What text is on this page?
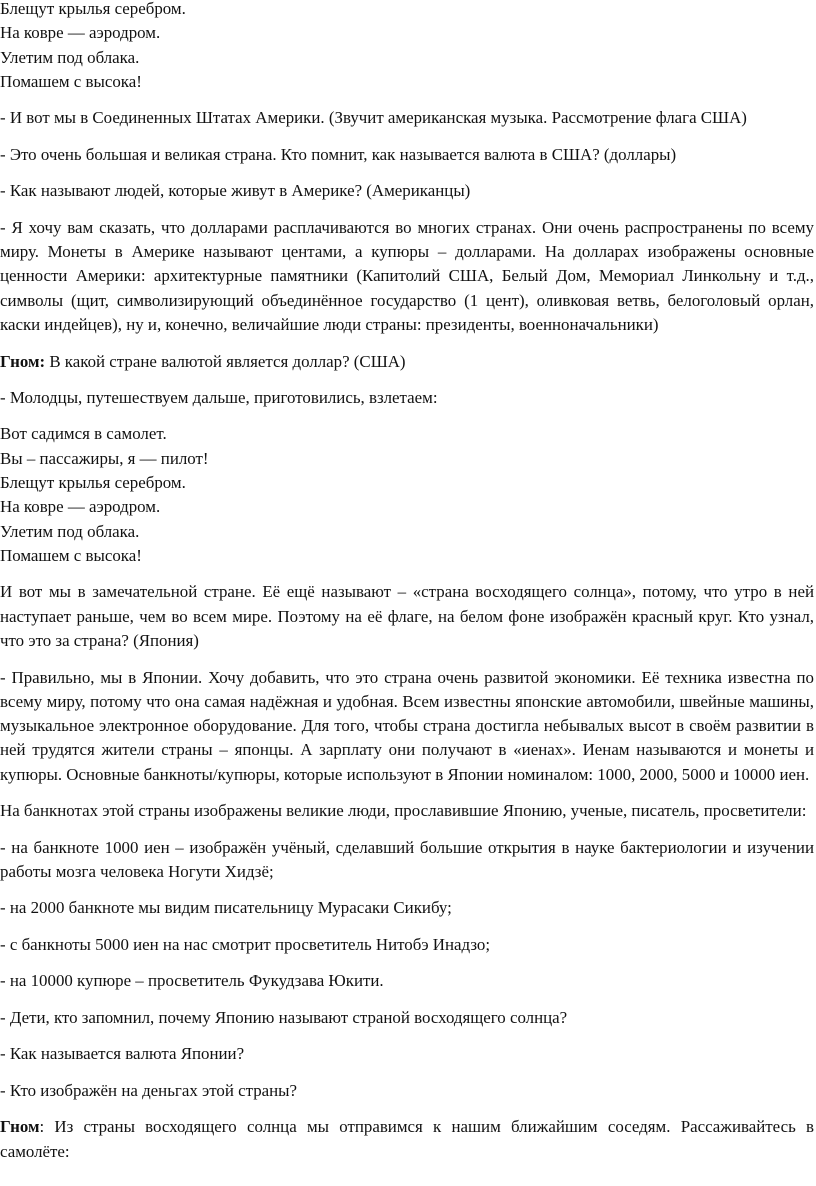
Блещут крылья серебром.
На ковре — аэродром.
Улетим под облака.
Помашем с высока!
- И вот мы в Соединенных Штатах Америки. (Звучит американская музыка. Рассмотрение флага США)
- Это очень большая и великая страна. Кто помнит, как называется валюта в США? (доллары)
- Как называют людей, которые живут в Америке? (Американцы)
- Я хочу вам сказать, что долларами расплачиваются во многих странах. Они очень распространены по всему миру. Монеты в Америке называют центами, а купюры – долларами. На долларах изображены основные ценности Америки: архитектурные памятники (Капитолий США, Белый Дом, Мемориал Линкольну и т.д., символы (щит, символизирующий объединённое государство (1 цент), оливковая ветвь, белоголовый орлан, каски индейцев), ну и, конечно, величайшие люди страны: президенты, военноначальники)
Гном: В какой стране валютой является доллар? (США)
- Молодцы, путешествуем дальше, приготовились, взлетаем:
Вот садимся в самолет.
Вы – пассажиры, я — пилот!
Блещут крылья серебром.
На ковре — аэродром.
Улетим под облака.
Помашем с высока!
И вот мы в замечательной стране. Её ещё называют – «страна восходящего солнца», потому, что утро в ней наступает раньше, чем во всем мире. Поэтому на её флаге, на белом фоне изображён красный круг. Кто узнал, что это за страна? (Япония)
- Правильно, мы в Японии. Хочу добавить, что это страна очень развитой экономики. Её техника известна по всему миру, потому что она самая надёжная и удобная. Всем известны японские автомобили, швейные машины, музыкальное электронное оборудование. Для того, чтобы страна достигла небывалых высот в своём развитии в ней трудятся жители страны – японцы. А зарплату они получают в «иенах». Иенам называются и монеты и купюры. Основные банкноты/купюры, которые используют в Японии номиналом: 1000, 2000, 5000 и 10000 иен.
На банкнотах этой страны изображены великие люди, прославившие Японию, ученые, писатель, просветители:
- на банкноте 1000 иен – изображён учёный, сделавший большие открытия в науке бактериологии и изучении работы мозга человека Ногути Хидзё;
- на 2000 банкноте мы видим писательницу Мурасаки Сикибу;
- с банкноты 5000 иен на нас смотрит просветитель Нитобэ Инадзо;
- на 10000 купюре – просветитель Фукудзава Юкити.
- Дети, кто запомнил, почему Японию называют страной восходящего солнца?
- Как называется валюта Японии?
- Кто изображён на деньгах этой страны?
Гном: Из страны восходящего солнца мы отправимся к нашим ближайшим соседям. Рассаживайтесь в самолёте:
